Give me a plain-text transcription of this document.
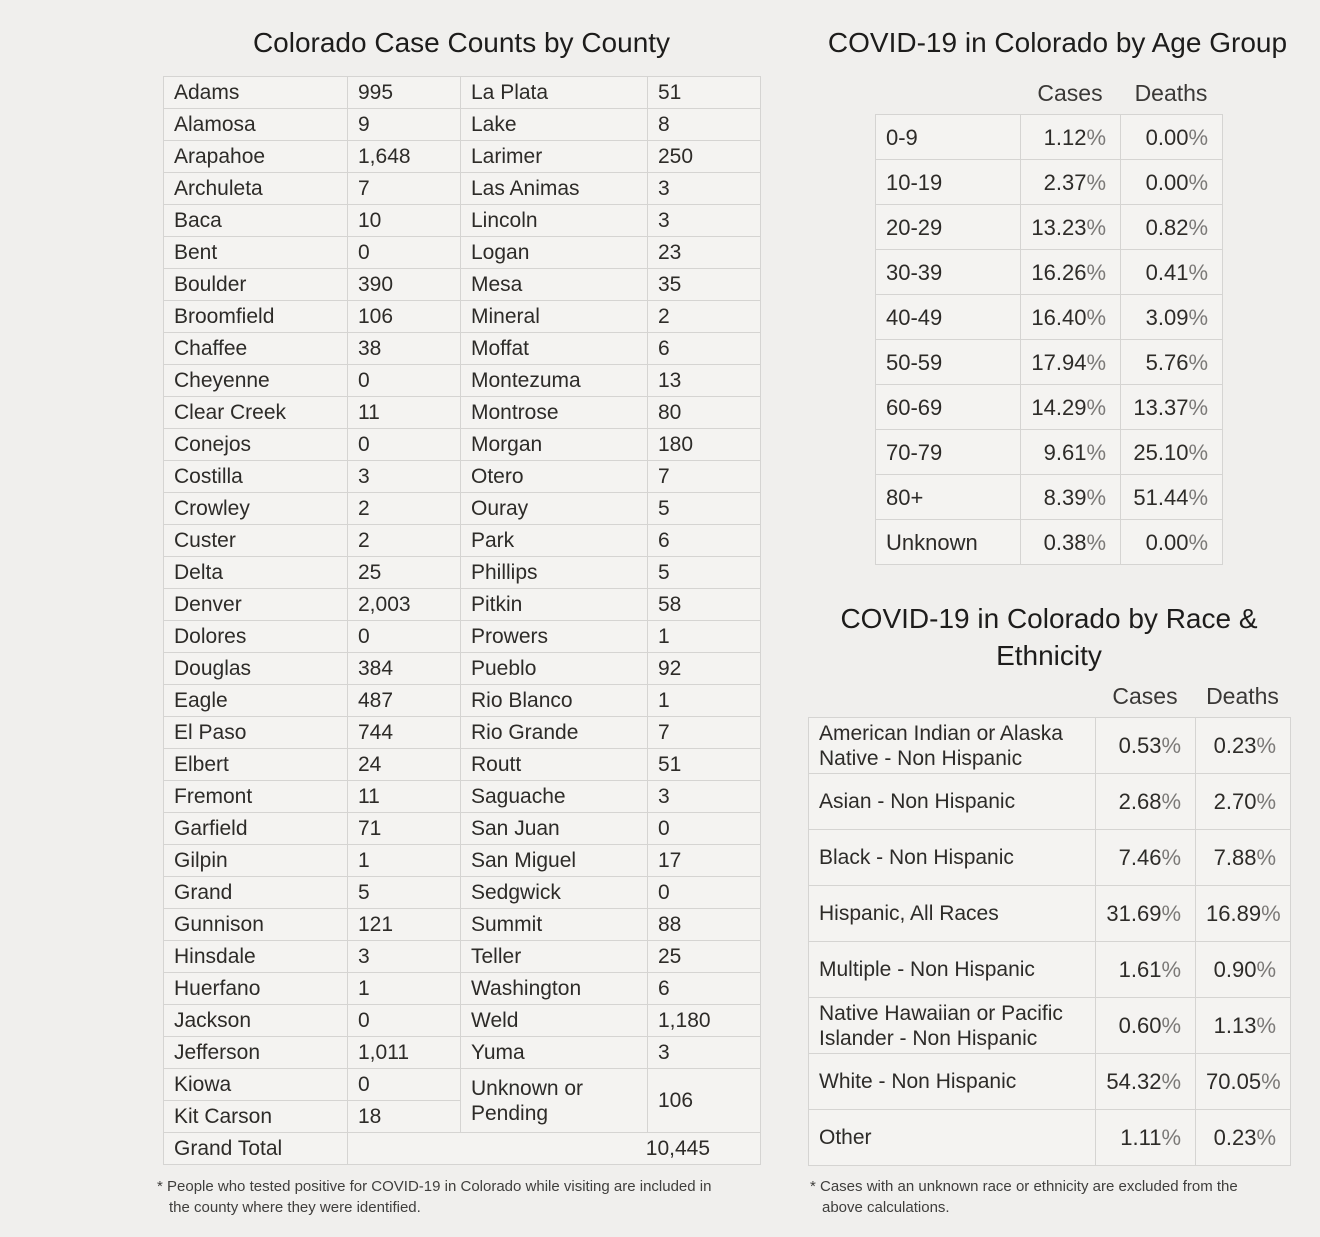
Colorado Case Counts by County
Adams	995	La Plata	51
Alamosa	9	Lake	8
Arapahoe	1,648	Larimer	250
Archuleta	7	Las Animas	3
Baca	10	Lincoln	3
Bent	0	Logan	23
Boulder	390	Mesa	35
Broomfield	106	Mineral	2
Chaffee	38	Moffat	6
Cheyenne	0	Montezuma	13
Clear Creek	11	Montrose	80
Conejos	0	Morgan	180
Costilla	3	Otero	7
Crowley	2	Ouray	5
Custer	2	Park	6
Delta	25	Phillips	5
Denver	2,003	Pitkin	58
Dolores	0	Prowers	1
Douglas	384	Pueblo	92
Eagle	487	Rio Blanco	1
El Paso	744	Rio Grande	7
Elbert	24	Routt	51
Fremont	11	Saguache	3
Garfield	71	San Juan	0
Gilpin	1	San Miguel	17
Grand	5	Sedgwick	0
Gunnison	121	Summit	88
Hinsdale	3	Teller	25
Huerfano	1	Washington	6
Jackson	0	Weld	1,180
Jefferson	1,011	Yuma	3
Kiowa	0	Unknown or Pending	106
Kit Carson	18		
Grand Total	10,445		
* People who tested positive for COVID-19 in Colorado while visiting are included in the county where they were identified.
COVID-19 in Colorado by Age Group
Cases	Deaths
0-9	1.12%	0.00%
10-19	2.37%	0.00%
20-29	13.23%	0.82%
30-39	16.26%	0.41%
40-49	16.40%	3.09%
50-59	17.94%	5.76%
60-69	14.29%	13.37%
70-79	9.61%	25.10%
80+	8.39%	51.44%
Unknown	0.38%	0.00%
COVID-19 in Colorado by Race & Ethnicity
Cases	Deaths
American Indian or Alaska Native - Non Hispanic	0.53%	0.23%
Asian - Non Hispanic	2.68%	2.70%
Black - Non Hispanic	7.46%	7.88%
Hispanic, All Races	31.69%	16.89%
Multiple - Non Hispanic	1.61%	0.90%
Native Hawaiian or Pacific Islander - Non Hispanic	0.60%	1.13%
White - Non Hispanic	54.32%	70.05%
Other	1.11%	0.23%
* Cases with an unknown race or ethnicity are excluded from the above calculations.
